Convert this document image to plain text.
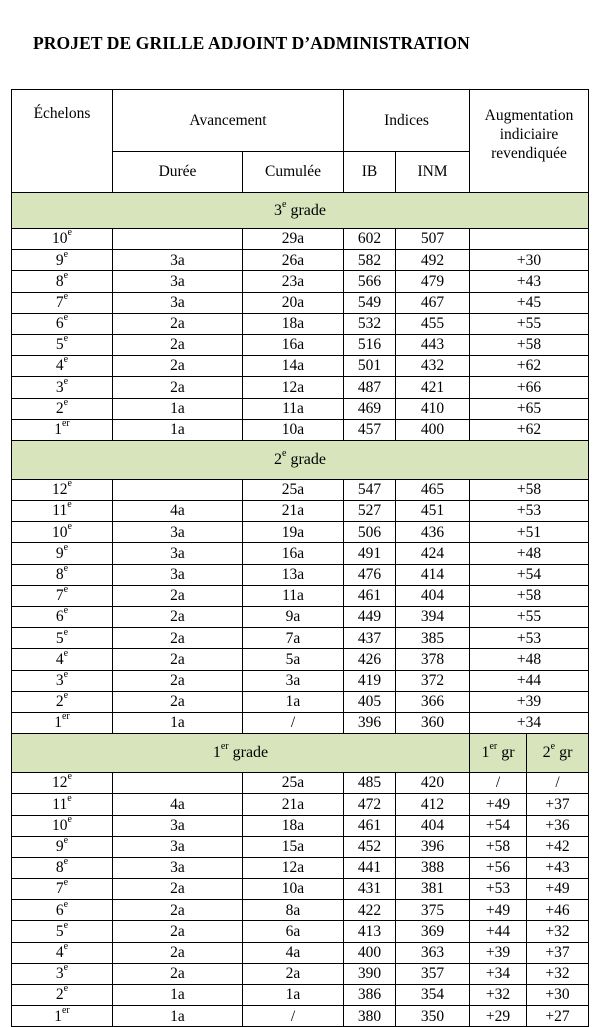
PROJET DE GRILLE ADJOINT D’ADMINISTRATION
Échelons	Avancement		Indices		Augmentation
indiciaire
revendiquée	

	Durée	Cumulée	IB	INM		
3e grade						
10e		29a	602	507		
9e	3a	26a	582	492	+30	
8e	3a	23a	566	479	+43	
7e	3a	20a	549	467	+45	
6e	2a	18a	532	455	+55	
5e	2a	16a	516	443	+58	
4e	2a	14a	501	432	+62	
3e	2a	12a	487	421	+66	
2e	1a	11a	469	410	+65	
1er	1a	10a	457	400	+62	
2e grade						
12e		25a	547	465	+58	
11e	4a	21a	527	451	+53	
10e	3a	19a	506	436	+51	
9e	3a	16a	491	424	+48	
8e	3a	13a	476	414	+54	
7e	2a	11a	461	404	+58	
6e	2a	9a	449	394	+55	
5e	2a	7a	437	385	+53	
4e	2a	5a	426	378	+48	
3e	2a	3a	419	372	+44	
2e	2a	1a	405	366	+39	
1er	1a	/	396	360	+34	
1er grade					1er gr	2e gr
12e		25a	485	420	/	/
11e	4a	21a	472	412	+49	+37
10e	3a	18a	461	404	+54	+36
9e	3a	15a	452	396	+58	+42
8e	3a	12a	441	388	+56	+43
7e	2a	10a	431	381	+53	+49
6e	2a	8a	422	375	+49	+46
5e	2a	6a	413	369	+44	+32
4e	2a	4a	400	363	+39	+37
3e	2a	2a	390	357	+34	+32
2e	1a	1a	386	354	+32	+30
1er	1a	/	380	350	+29	+27
